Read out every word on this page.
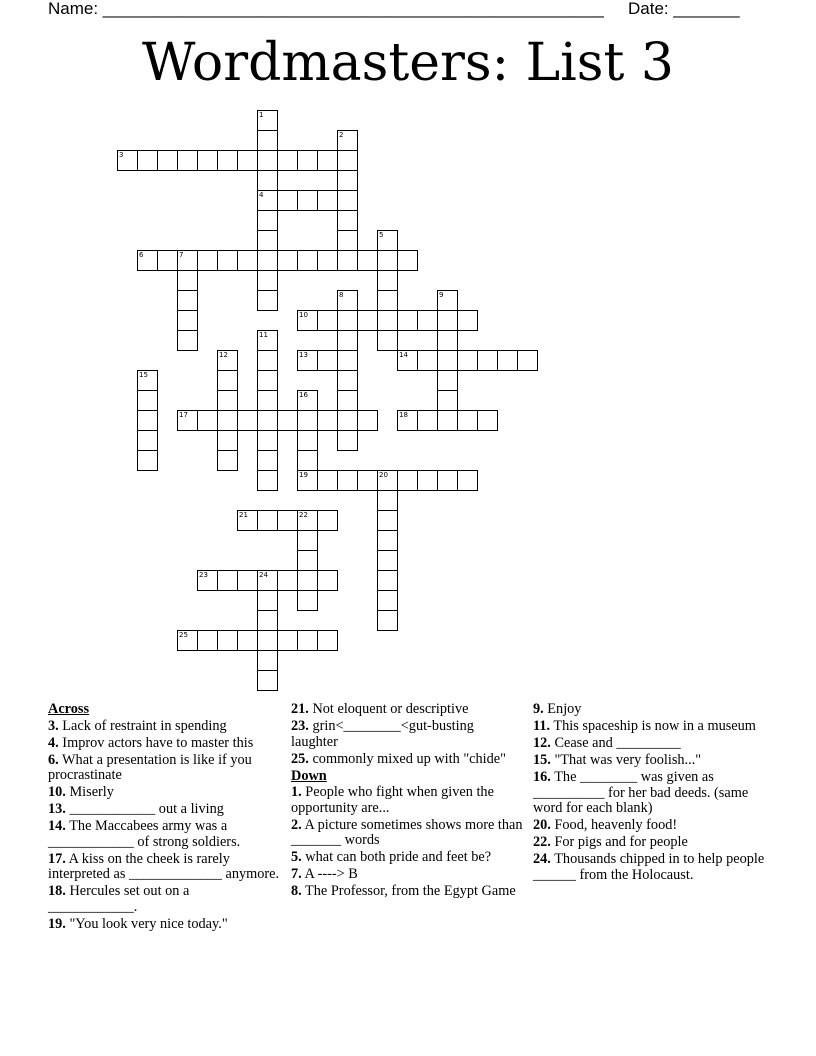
Name: _____________________________________________________ Date: _______
Wordmasters: List 3
1
4
2
3
5
6	7
8	9
10
11
12	13	14
15
16
19
17	18
20
21	22
23	24
25
Across
3. Lack of restraint in spending
4. Improv actors have to master this
6. What a presentation is like if you procrastinate
10. Miserly
13. ____________ out a living
14. The Maccabees army was a ____________ of strong soldiers.
17. A kiss on the cheek is rarely interpreted as _____________ anymore.
18. Hercules set out on a ____________.
19. "You look very nice today."
21. Not eloquent or descriptive
23. grin<________<gut-busting laughter
25. commonly mixed up with "chide"
Down
1. People who fight when given the opportunity are...
2. A picture sometimes shows more than _______ words
5. what can both pride and feet be?
7. A ----> B
8. The Professor, from the Egypt Game
9. Enjoy
11. This spaceship is now in a museum
12. Cease and _________
15. "That was very foolish..."
16. The ________ was given as __________ for her bad deeds. (same word for each blank)
20. Food, heavenly food!
22. For pigs and for people
24. Thousands chipped in to help people ______ from the Holocaust.
